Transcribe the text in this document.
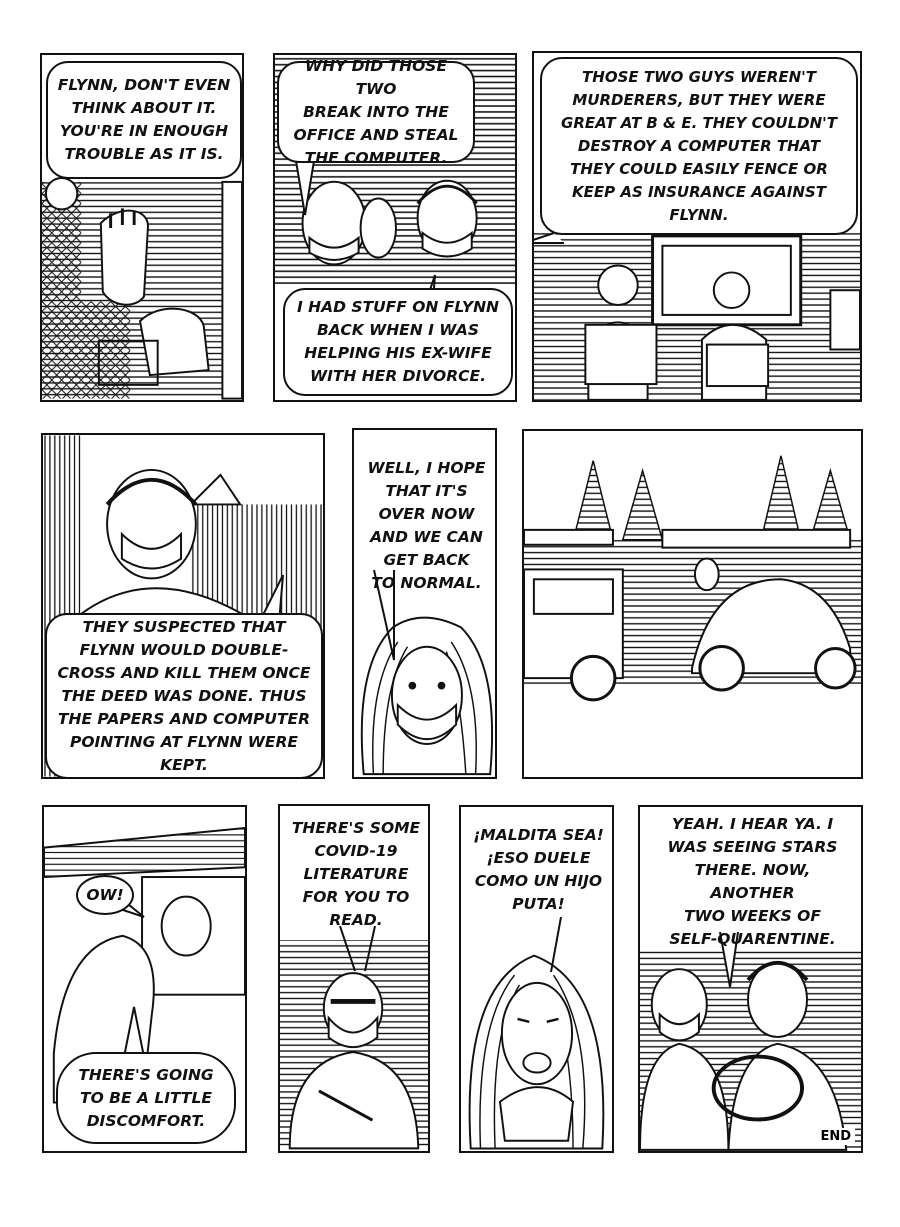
FLYNN, DON'T EVEN
THINK ABOUT IT.
YOU'RE IN ENOUGH
TROUBLE AS IT IS.
WHY DID THOSE TWO
BREAK INTO THE
OFFICE AND STEAL
THE COMPUTER.
I HAD STUFF ON FLYNN
BACK WHEN I WAS
HELPING HIS EX-WIFE
WITH HER DIVORCE.
THOSE TWO GUYS WEREN'T
MURDERERS, BUT THEY WERE
GREAT AT B & E. THEY COULDN'T
DESTROY A COMPUTER THAT
THEY COULD EASILY FENCE OR
KEEP AS INSURANCE AGAINST
FLYNN.
THEY SUSPECTED THAT
FLYNN WOULD DOUBLE-
CROSS AND KILL THEM ONCE
THE DEED WAS DONE. THUS
THE PAPERS AND COMPUTER
POINTING AT FLYNN WERE
KEPT.
WELL, I HOPE
THAT IT'S
OVER NOW
AND WE CAN
GET BACK
TO NORMAL.
OW!
THERE'S GOING
TO BE A LITTLE
DISCOMFORT.
THERE'S SOME
COVID-19
LITERATURE
FOR YOU TO
READ.
¡MALDITA SEA!
¡ESO DUELE
COMO UN HIJO
PUTA!
YEAH. I HEAR YA. I
WAS SEEING STARS
THERE. NOW,
ANOTHER
TWO WEEKS OF
SELF-QUARENTINE.
END
